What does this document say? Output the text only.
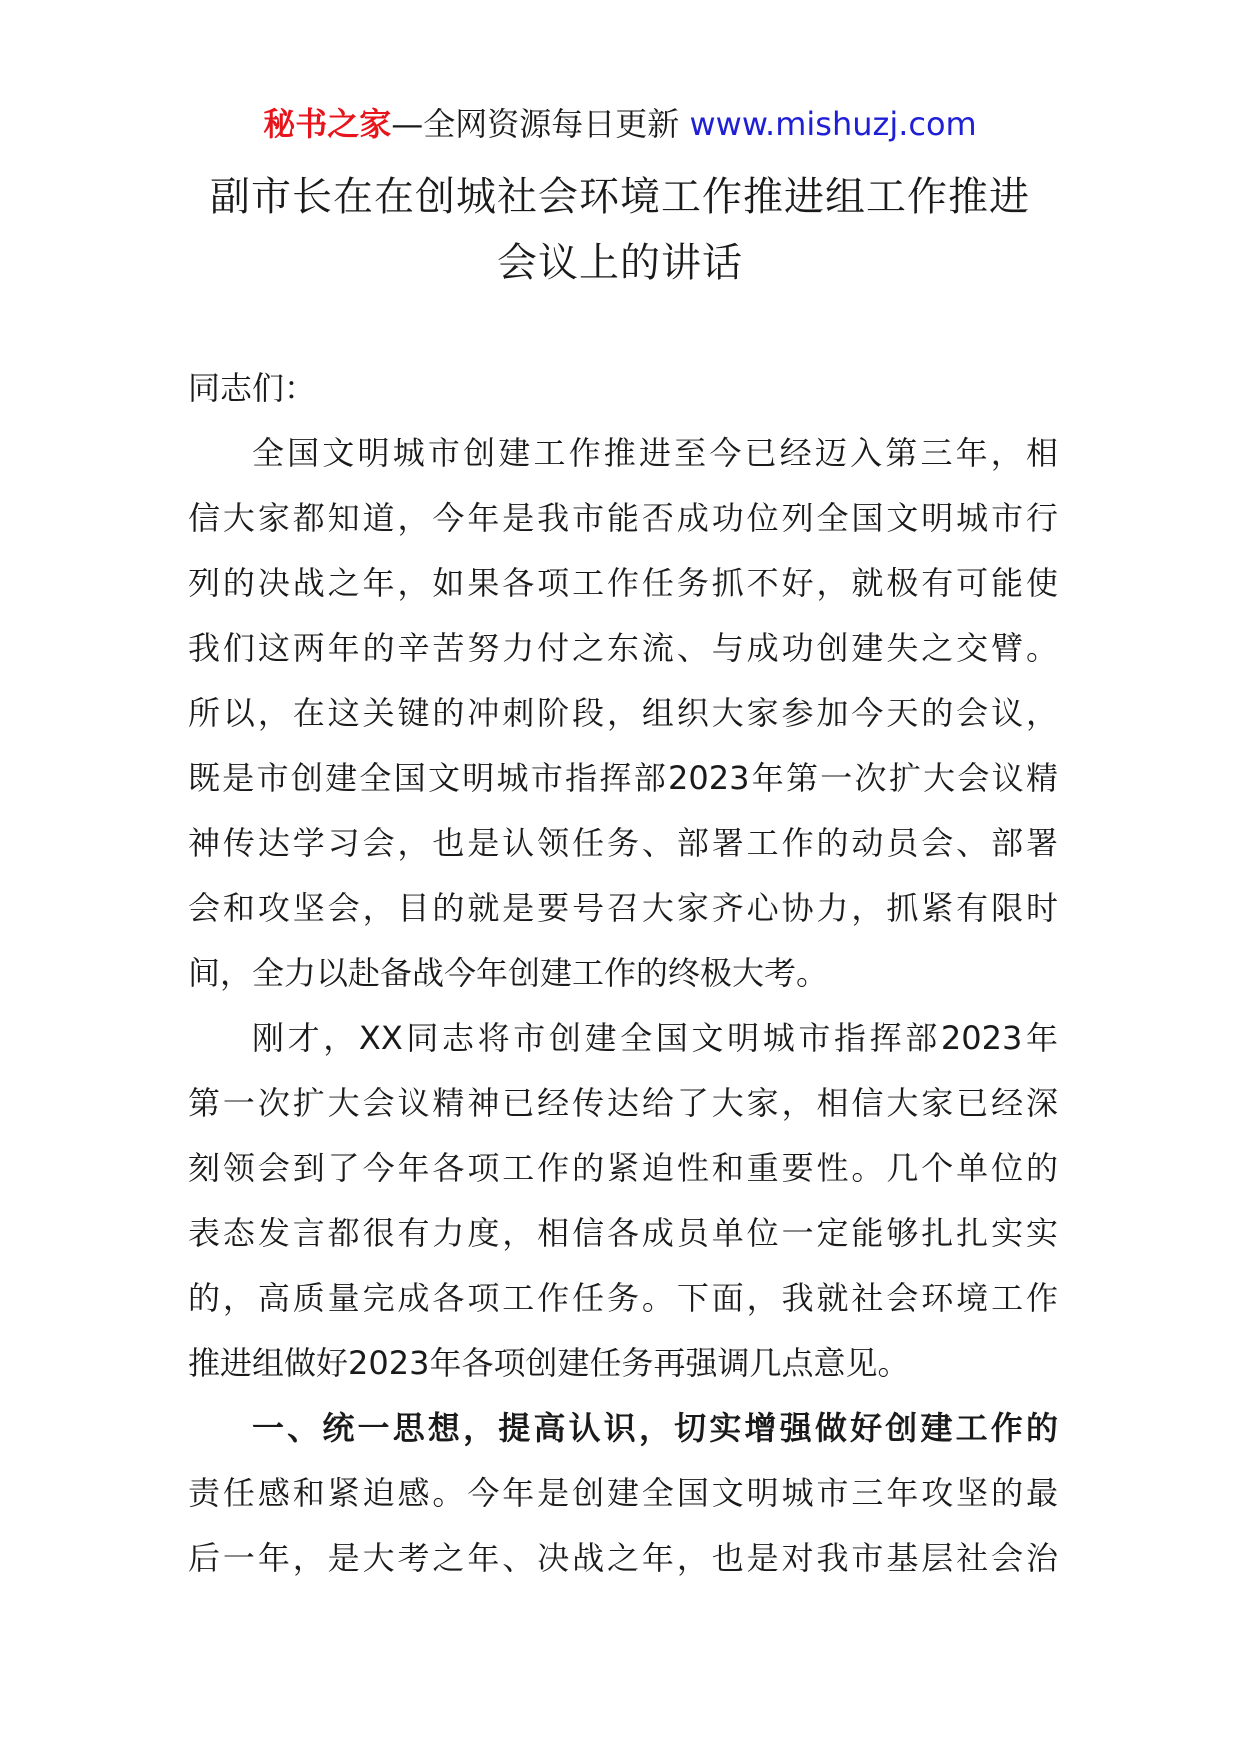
秘书之家—全网资源每日更新 www.mishuzj.com
副市长在在创城社会环境工作推进组工作推进
会议上的讲话

同志们：

全国文明城市创建工作推进至今已经迈入第三年，相
信大家都知道，今年是我市能否成功位列全国文明城市行
列的决战之年，如果各项工作任务抓不好，就极有可能使
我们这两年的辛苦努力付之东流、与成功创建失之交臂。
所以，在这关键的冲刺阶段，组织大家参加今天的会议，
既是市创建全国文明城市指挥部2023年第一次扩大会议精
神传达学习会，也是认领任务、部署工作的动员会、部署
会和攻坚会，目的就是要号召大家齐心协力，抓紧有限时
间，全力以赴备战今年创建工作的终极大考。
刚才，XX同志将市创建全国文明城市指挥部2023年
第一次扩大会议精神已经传达给了大家，相信大家已经深
刻领会到了今年各项工作的紧迫性和重要性。几个单位的
表态发言都很有力度，相信各成员单位一定能够扎扎实实
的，高质量完成各项工作任务。下面，我就社会环境工作
推进组做好2023年各项创建任务再强调几点意见。
一、统一思想，提高认识，切实增强做好创建工作的
责任感和紧迫感。今年是创建全国文明城市三年攻坚的最
后一年，是大考之年、决战之年，也是对我市基层社会治
